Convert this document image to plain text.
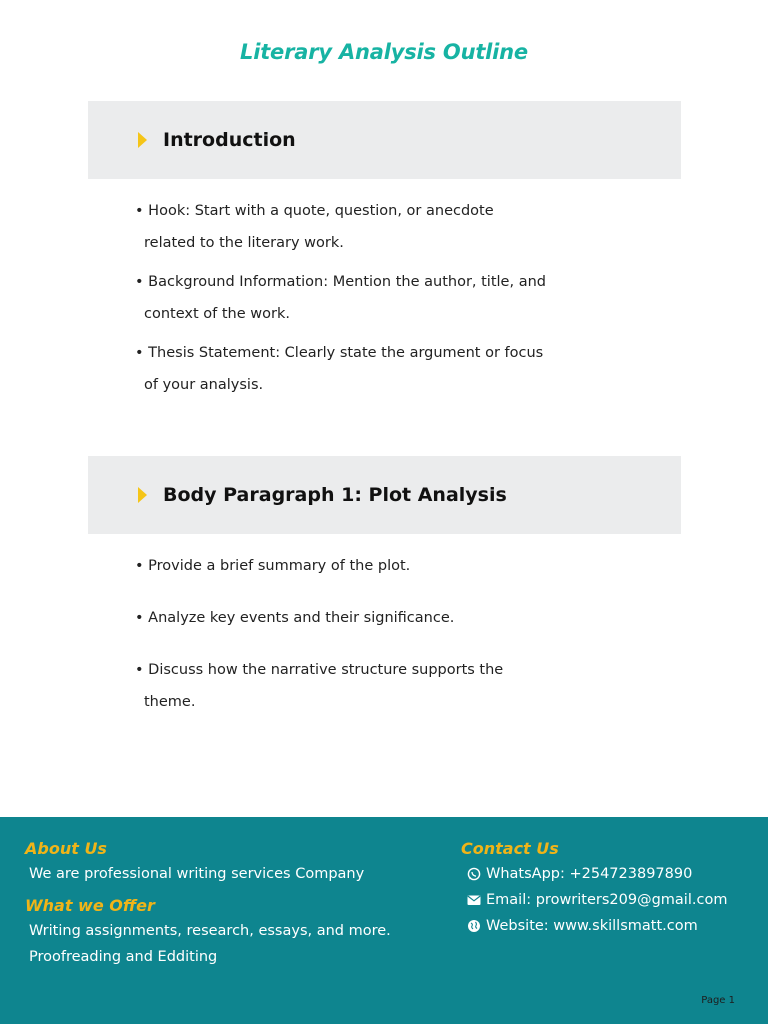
Literary Analysis Outline
Introduction
• Hook: Start with a quote, question, or anecdote related to the literary work.
• Background Information: Mention the author, title, and context of the work.
• Thesis Statement: Clearly state the argument or focus of your analysis.
Body Paragraph 1: Plot Analysis
• Provide a brief summary of the plot.
• Analyze key events and their significance.
• Discuss how the narrative structure supports the theme.
About Us
We are professional writing services Company
What we Offer
Writing assignments, research, essays, and more.
Proofreading and Edditing
Contact Us
WhatsApp: +254723897890
Email: prowriters209@gmail.com
Website: www.skillsmatt.com
Page 1
